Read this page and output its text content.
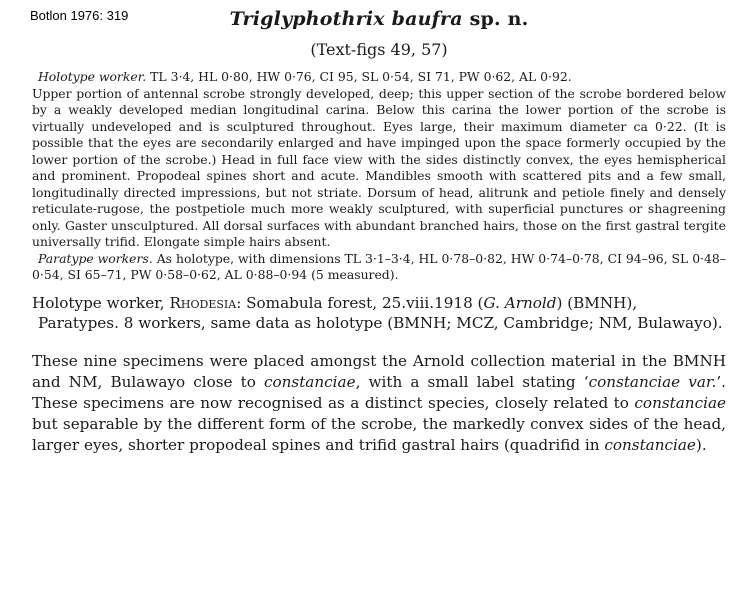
Botlon 1976: 319	Triglyphothrix baufra sp. n.
(Text-figs 49, 57)

Holotype worker. TL 3·4, HL 0·80, HW 0·76, CI 95, SL 0·54, SI 71, PW 0·62, AL 0·92.

Upper portion of antennal scrobe strongly developed, deep; this upper section of the scrobe bordered below by a weakly developed median longitudinal carina. Below this carina the lower portion of the scrobe is virtually undeveloped and is sculptured throughout. Eyes large, their maximum diameter ca 0·22. (It is possible that the eyes are secondarily enlarged and have impinged upon the space formerly occupied by the lower portion of the scrobe.) Head in full face view with the sides distinctly convex, the eyes hemispherical and prominent. Propodeal spines short and acute. Mandibles smooth with scattered pits and a few small, longitudinally directed impressions, but not striate. Dorsum of head, alitrunk and petiole finely and densely reticulate-rugose, the postpetiole much more weakly sculptured, with superficial punctures or shagreening only. Gaster unsculptured. All dorsal surfaces with abundant branched hairs, those on the first gastral tergite universally trifid. Elongate simple hairs absent.

Paratype workers. As holotype, with dimensions TL 3·1–3·4, HL 0·78–0·82, HW 0·74–0·78, CI 94–96, SL 0·48–0·54, SI 65–71, PW 0·58–0·62, AL 0·88–0·94 (5 measured).

Holotype worker, Rhodesia: Somabula forest, 25.viii.1918 (G. Arnold) (BMNH),

Paratypes. 8 workers, same data as holotype (BMNH; MCZ, Cambridge; NM, Bulawayo).

These nine specimens were placed amongst the Arnold collection material in the BMNH and NM, Bulawayo close to constanciae, with a small label stating ‘constanciae var.’. These specimens are now recognised as a distinct species, closely related to constanciae but separable by the different form of the scrobe, the markedly convex sides of the head, larger eyes, shorter propodeal spines and trifid gastral hairs (quadrifid in constanciae).
